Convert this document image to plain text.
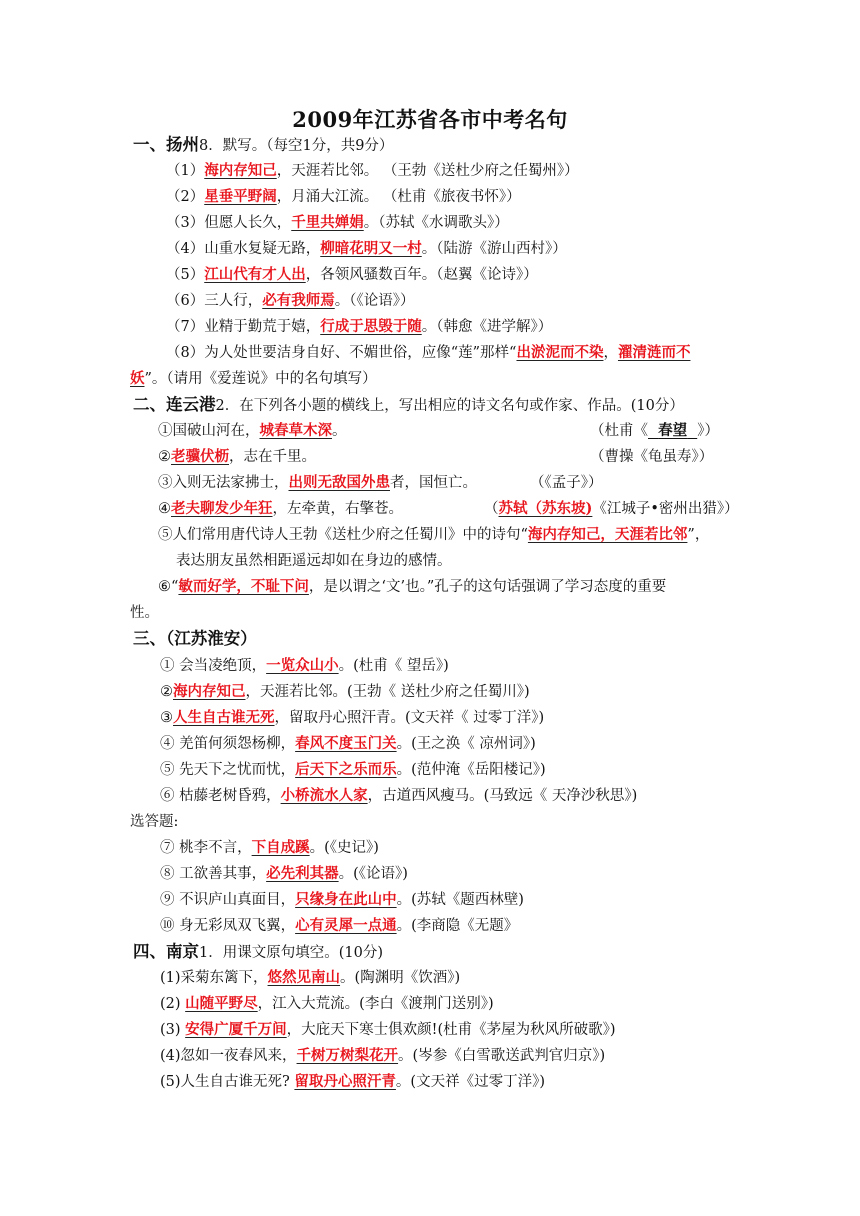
2009年江苏省各市中考名句
一、扬州8．默写。（每空1分，共9分）
（1）海内存知己，天涯若比邻。 （王勃《送杜少府之任蜀州》）
（2）星垂平野阔，月涌大江流。 （杜甫《旅夜书怀》）
（3）但愿人长久，千里共婵娟。（苏轼《水调歌头》）
（4）山重水复疑无路，柳暗花明又一村。（陆游《游山西村》）
（5）江山代有才人出，各领风骚数百年。（赵翼《论诗》）
（6）三人行，必有我师焉。（《论语》）
（7）业精于勤荒于嬉，行成于思毁于随。（韩愈《进学解》）
（8）为人处世要洁身自好、不媚世俗，应像“莲”那样“出淤泥而不染，濯清涟而不
妖”。（请用《爱莲说》中的名句填写）
二、连云港2．在下列各小题的横线上，写出相应的诗文名句或作家、作品。(10分）
①国破山河在，城春草木深。	（杜甫《 春望 》）
②老骥伏枥，志在千里。	（曹操《龟虽寿》）
③入则无法家拂士，出则无敌国外患者，国恒亡。	（《孟子》）
④老夫聊发少年狂，左牵黄，右擎苍。	（苏轼（苏东坡)《江城子•密州出猎》）
⑤人们常用唐代诗人王勃《送杜少府之任蜀川》中的诗句“海内存知己，天涯若比邻”，
表达朋友虽然相距遥远却如在身边的感情。
⑥“敏而好学，不耻下问，是以谓之‘文’也。”孔子的这句话强调了学习态度的重要
性。
三、（江苏淮安）
① 会当凌绝顶，一览众山小。(杜甫《 望岳》)
②海内存知己，天涯若比邻。(王勃《 送杜少府之任蜀川》)
③人生自古谁无死，留取丹心照汗青。(文天祥《 过零丁洋》)
④ 羌笛何须怨杨柳，春风不度玉门关。(王之涣《 凉州词》)
⑤ 先天下之忧而忧，后天下之乐而乐。(范仲淹《岳阳楼记》)
⑥ 枯藤老树昏鸦，小桥流水人家，古道西风瘦马。(马致远《 天净沙秋思》)
选答题:
⑦ 桃李不言，下自成蹊。(《史记》)
⑧ 工欲善其事，必先利其器。(《论语》)
⑨ 不识庐山真面目，只缘身在此山中。(苏轼《题西林壁)
⑩ 身无彩凤双飞翼，心有灵犀一点通。(李商隐《无题》
四、南京1．用课文原句填空。(10分)
(1)采菊东篱下，悠然见南山。(陶渊明《饮酒》)
(2) 山随平野尽，江入大荒流。(李白《渡荆门送别》)
(3) 安得广厦千万间，大庇天下寒士俱欢颜!(杜甫《茅屋为秋风所破歌》)
(4)忽如一夜春风来，千树万树梨花开。(岑参《白雪歌送武判官归京》)
(5)人生自古谁无死? 留取丹心照汗青。(文天祥《过零丁洋》)
